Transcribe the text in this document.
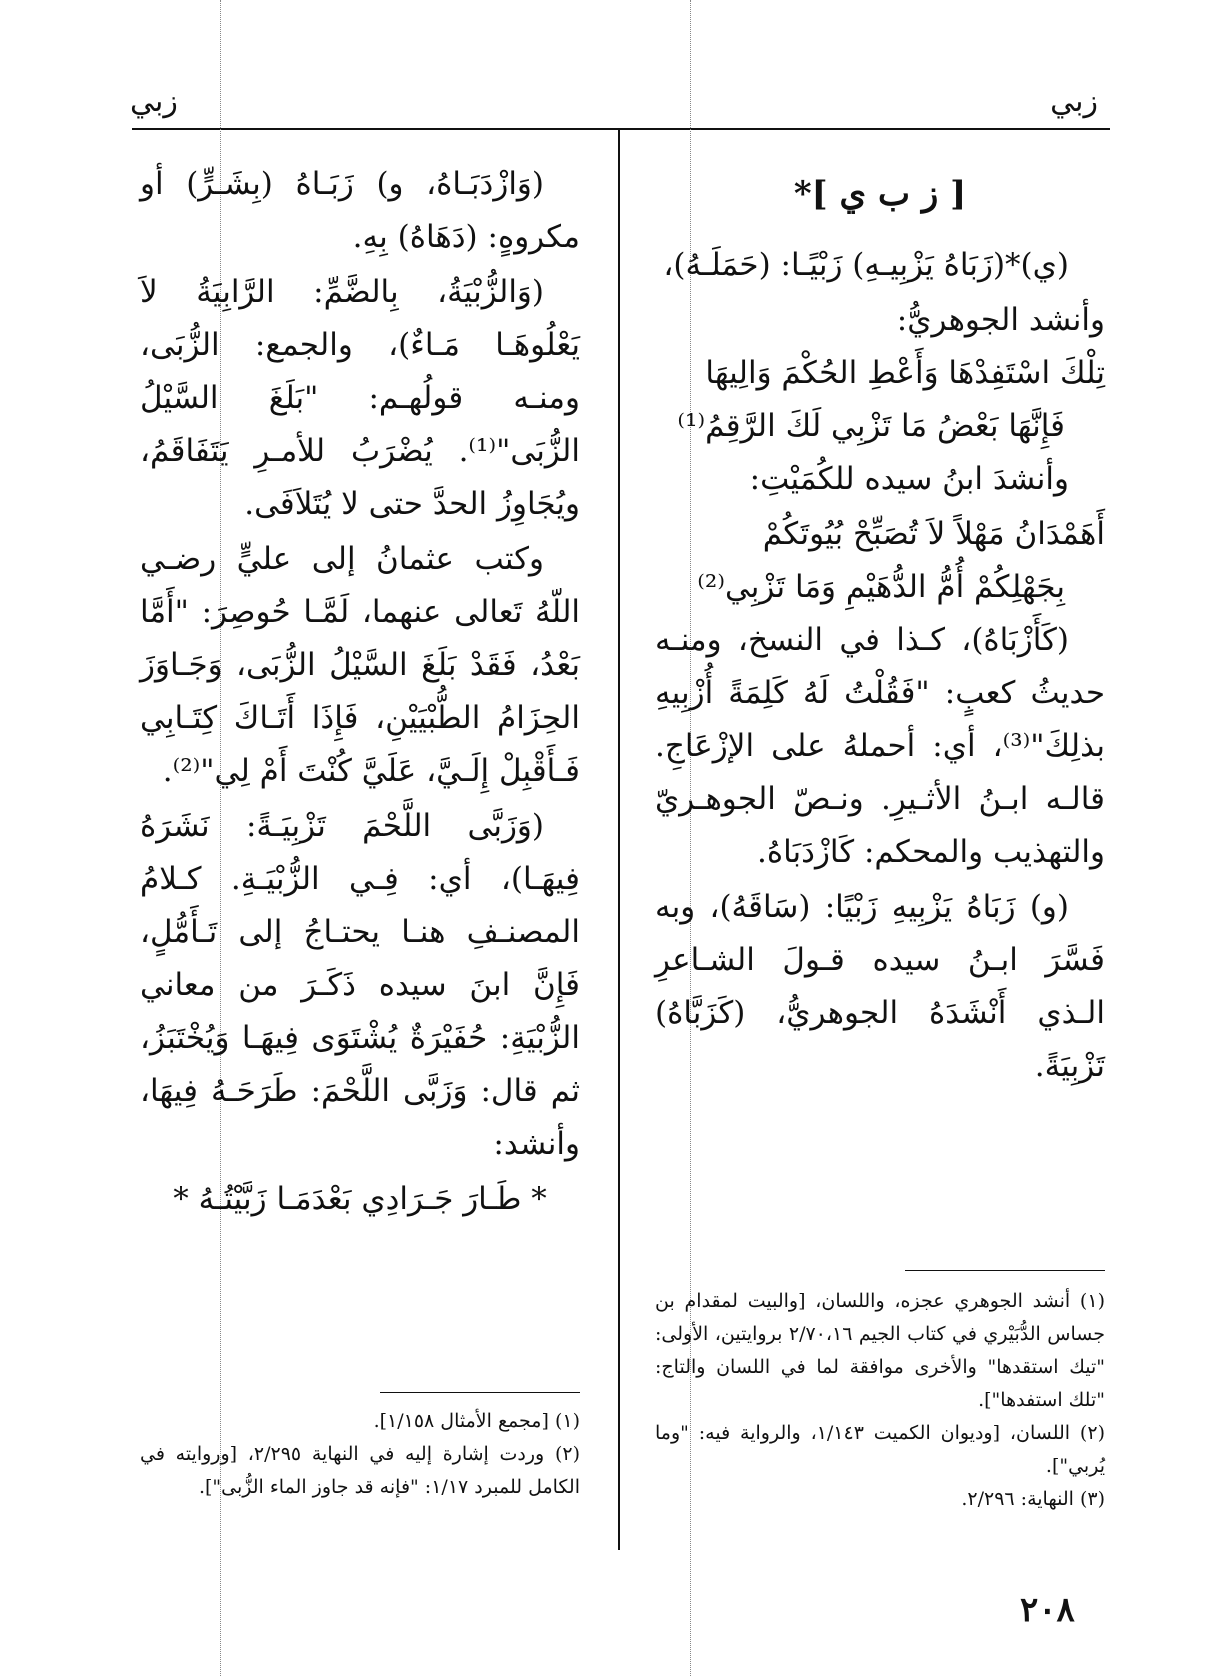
زبي
زبي

[ ز ب ي ]*

(ي)*(زَبَاهُ يَزْبِيـهِ) زَبْيًـا: (حَمَلَـهُ)،

وأنشد الجوهريُّ:

تِلْكَ اسْتَفِدْهَا وَأَعْطِ الحُكْمَ وَالِيهَا

فَإِنَّهَا بَعْضُ مَا تَزْبِي لَكَ الرَّقِمُ⁽¹⁾

وأنشدَ ابنُ سيده للكُمَيْتِ:

أَهَمْدَانُ مَهْلاً لاَ تُصَبِّحْ بُيُوتَكُمْ

بِجَهْلِكُمْ أُمُّ الدُّهَيْمِ وَمَا تَزْبِي⁽²⁾

(كَأَزْبَاهُ)، كـذا في النسخ، ومنـه حديثُ كعبٍ: "فَقُلْتُ لَهُ كَلِمَةً أُزْبِيهِ بذلِكَ"⁽³⁾، أي: أحملهُ على الإزْعَاجِ. قالـه ابـنُ الأثـيرِ. ونـصّ الجوهـريّ والتهذيب والمحكم: كَازْدَبَاهُ.

(و) زَبَاهُ يَزْبِيهِ زَبْيًا: (سَاقَهُ)، وبه فَسَّرَ ابـنُ سيده قـولَ الشـاعرِ الـذي أَنْشَدَهُ الجوهريُّ، (كَزَبَّاهُ) تَزْبِيَةً.

(١) أنشد الجوهري عجزه، واللسان، [والبيت لمقدام بن جساس الدُّبَيْري في كتاب الجيم ٢/٧٠،١٦ بروايتين، الأولى: "تيك استقدها" والأخرى موافقة لما في اللسان والتاج: "تلك استفدها"].

(٢) اللسان، [وديوان الكميت ١/١٤٣، والرواية فيه: "وما يُربي"].

(٣) النهاية: ٢/٢٩٦.

(وَازْدَبَـاهُ، و) زَبَـاهُ (بِشَـرٍّ) أو مكروهٍ: (دَهَاهُ) بِهِ.

(وَالزُّبْيَةُ، بِالضَّمِّ: الرَّابِيَةُ لاَ يَعْلُوهَـا مَـاءٌ)، والجمع: الزُّبَى، ومنـه قولُهـم: "بَلَغَ السَّيْلُ الزُّبَى"⁽¹⁾. يُضْرَبُ للأمـرِ يَتَفَاقَمُ، ويُجَاوِزُ الحدَّ حتى لا يُتَلاَفَى.

وكتب عثمانُ إلى عليٍّ رضـي اللّهُ تَعالى عنهما، لَمَّـا حُوصِرَ: "أَمَّا بَعْدُ، فَقَدْ بَلَغَ السَّيْلُ الزُّبَى، وَجَـاوَزَ الحِزَامُ الطُّبْيَيْنِ، فَإِذَا أَتَـاكَ كِتَـابِي فَـأَقْبِلْ إِلَـيَّ، عَلَيَّ كُنْتَ أَمْ لِي"⁽²⁾.

(وَزَبَّى اللَّحْمَ تَزْبِيَـةً: نَشَرَهُ فِيهَـا)، أي: فِـي الزُّبْيَـةِ. كـلامُ المصنـفِ هنـا يحتـاجُ إلى تَـأَمُّلٍ، فَإِنَّ ابنَ سيده ذَكَـرَ من معاني الزُّبْيَةِ: حُفَيْرَةٌ يُشْتَوَى فِيهَـا وَيُخْتَبَزُ، ثم قال: وَزَبَّى اللَّحْمَ: طَرَحَـهُ فِيهَا، وأنشد:

* طَـارَ جَـرَادِي بَعْدَمَـا زَبَّيْتُـهُ *

(١) [مجمع الأمثال ١/١٥٨].

(٢) وردت إشارة إليه في النهاية ٢/٢٩٥، [وروايته في الكامل للمبرد ١/١٧: "فإنه قد جاوز الماء الزُّبى"].

٢٠٨
